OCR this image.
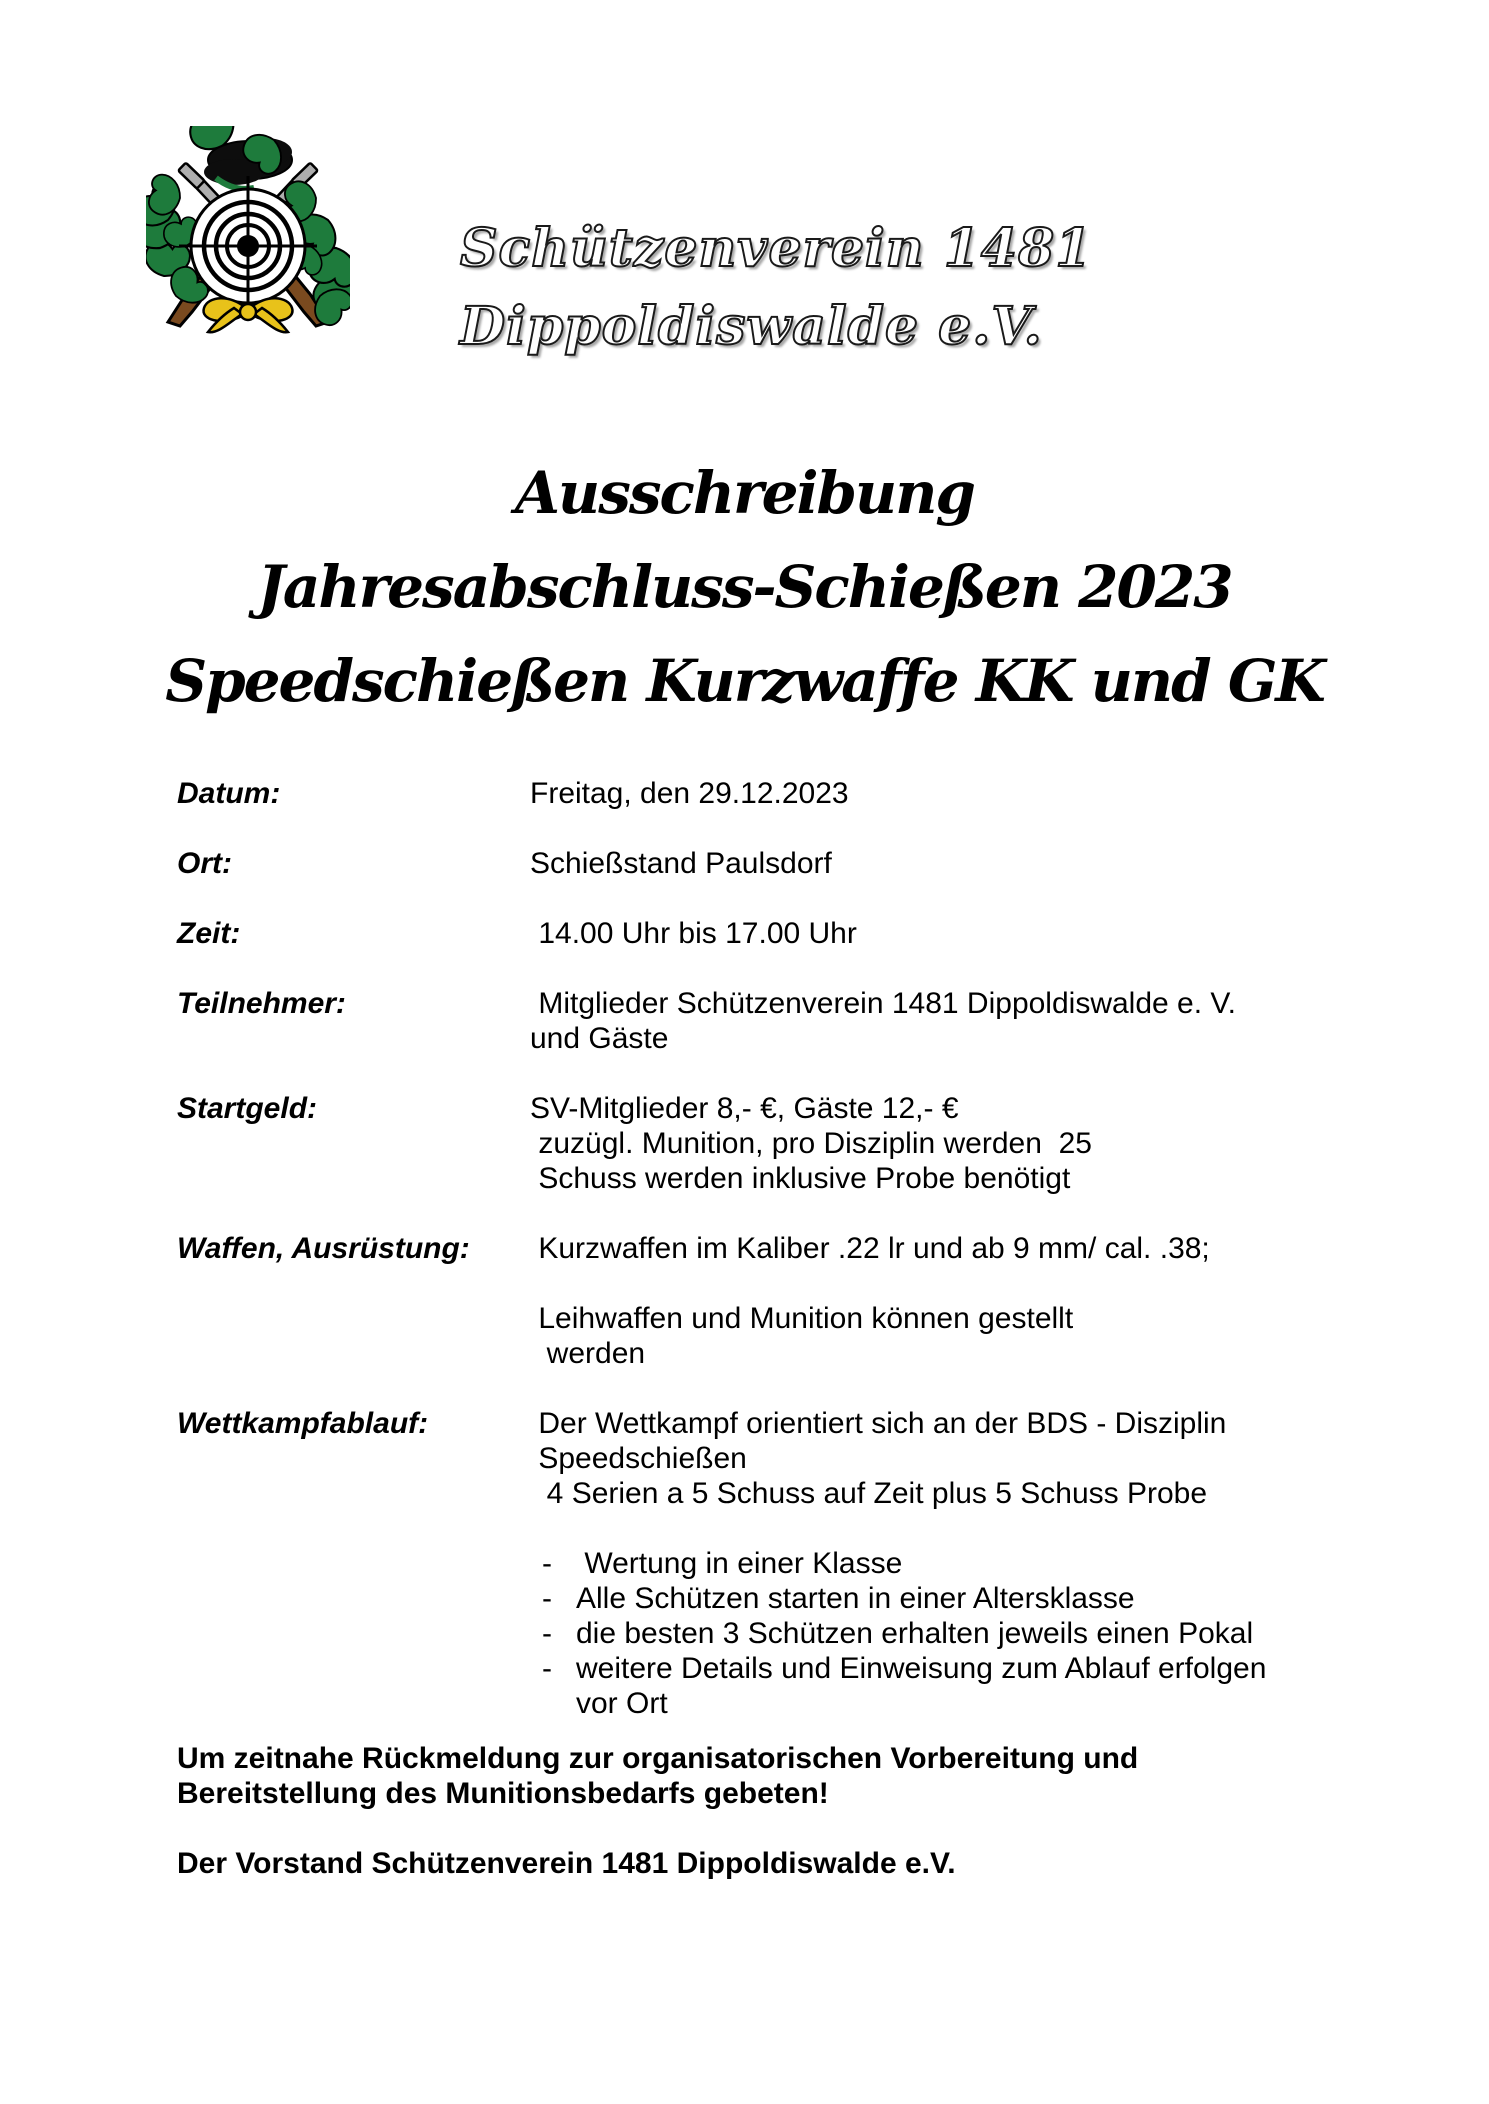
Schützenverein 1481
Dippoldiswalde e.V.
Ausschreibung
Jahresabschluss-Schießen 2023
Speedschießen Kurzwaffe KK und GK
Datum:	Freitag, den 29.12.2023
Ort:	Schießstand Paulsdorf
Zeit:	14.00 Uhr bis 17.00 Uhr
Teilnehmer:	Mitglieder Schützenverein 1481 Dippoldiswalde e. V.
und Gäste
Startgeld:	SV-Mitglieder 8,- €, Gäste 12,- €
zuzügl. Munition, pro Disziplin werden  25
Schuss werden inklusive Probe benötigt
Waffen, Ausrüstung:	Kurzwaffen im Kaliber .22 lr und ab 9 mm/ cal. .38;
Leihwaffen und Munition können gestellt
werden
Wettkampfablauf:	Der Wettkampf orientiert sich an der BDS - Disziplin
Speedschießen
4 Serien a 5 Schuss auf Zeit plus 5 Schuss Probe
- Wertung in einer Klasse
- Alle Schützen starten in einer Altersklasse
- die besten 3 Schützen erhalten jeweils einen Pokal
- weitere Details und Einweisung zum Ablauf erfolgen
vor Ort
Um zeitnahe Rückmeldung zur organisatorischen Vorbereitung und
Bereitstellung des Munitionsbedarfs gebeten!
Der Vorstand Schützenverein 1481 Dippoldiswalde e.V.
